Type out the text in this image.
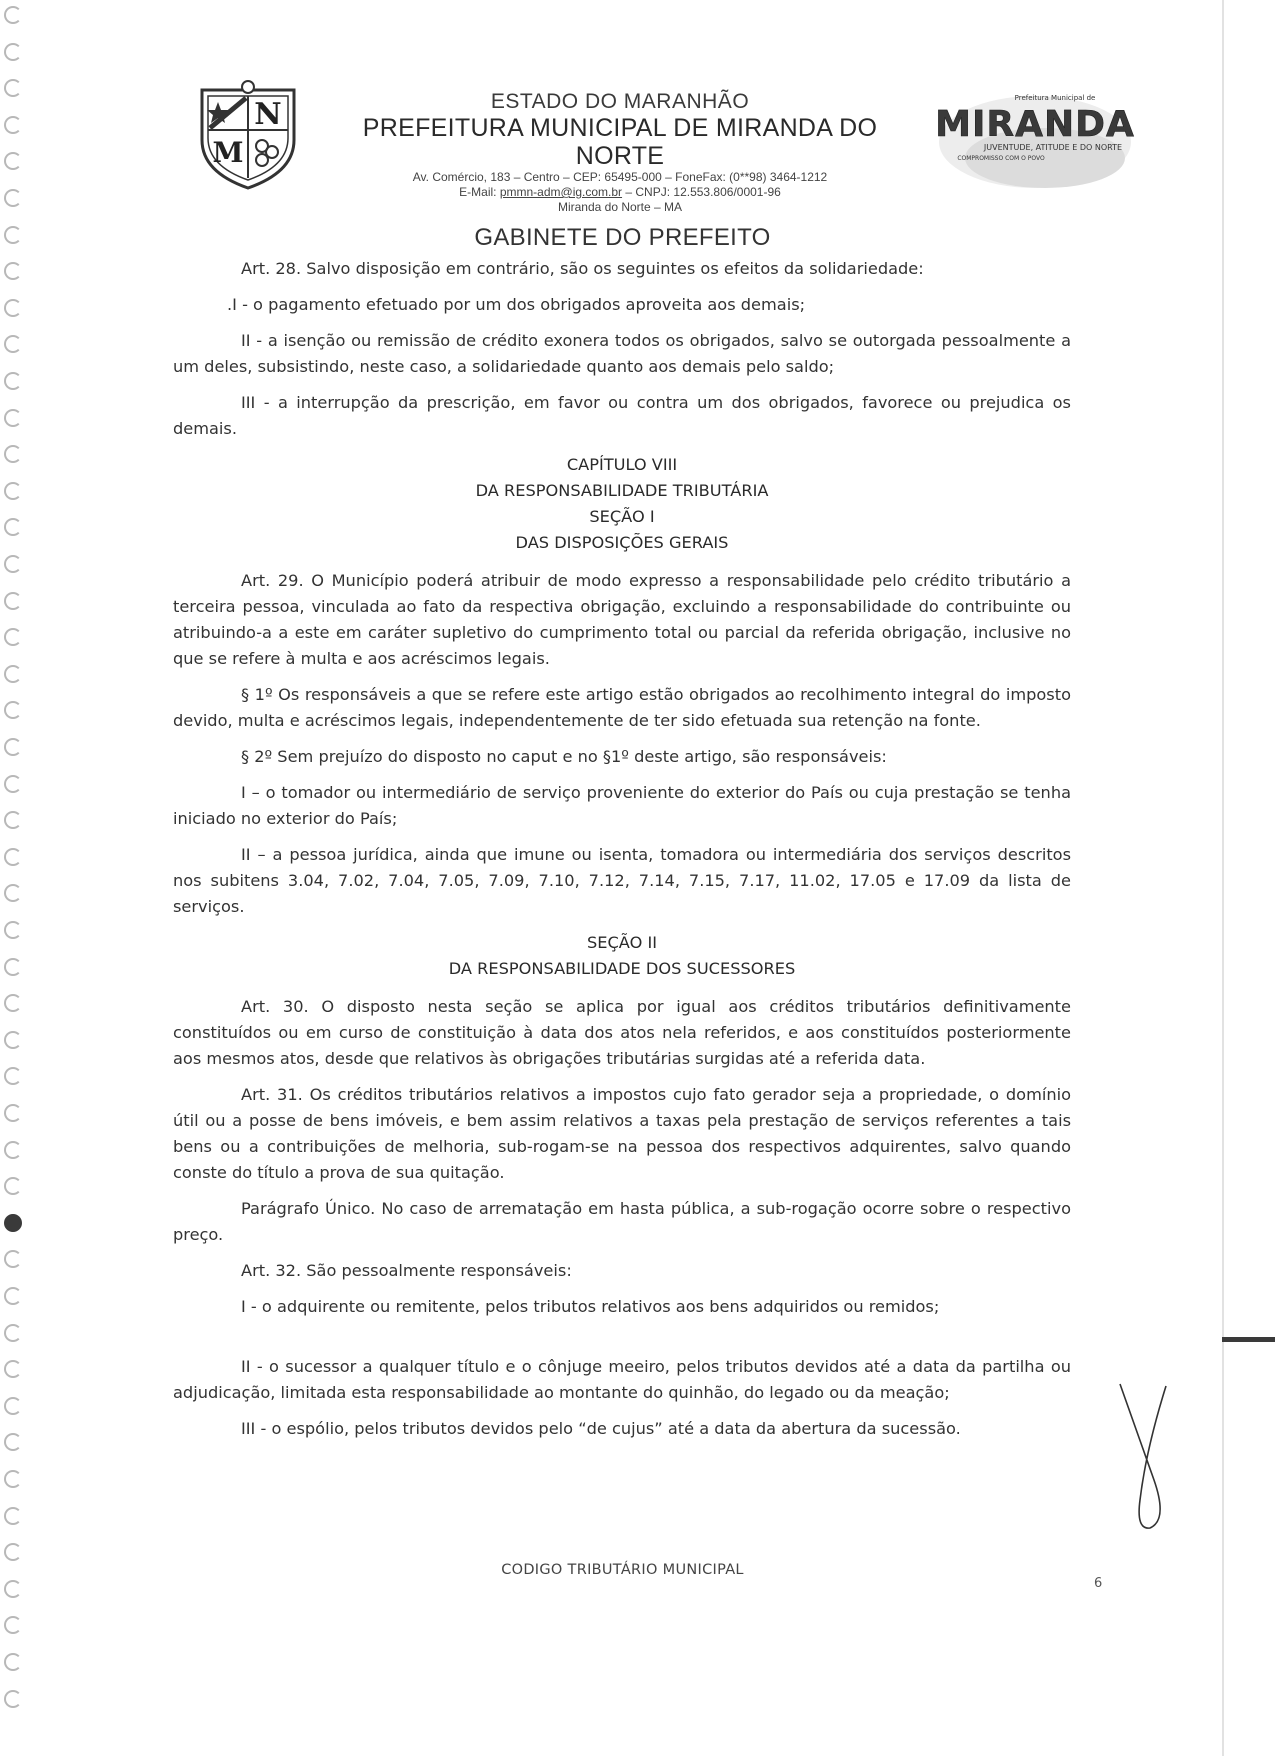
N
M
ESTADO DO MARANHÃO
PREFEITURA MUNICIPAL DE MIRANDA DO NORTE
Av. Comércio, 183 – Centro – CEP: 65495-000 – FoneFax: (0**98) 3464-1212
E-Mail: pmmn-adm@ig.com.br – CNPJ: 12.553.806/0001-96
Miranda do Norte – MA
Prefeitura Municipal de
MIRANDA
JUVENTUDE, ATITUDE E DO NORTE
COMPROMISSO COM O POVO
GABINETE DO PREFEITO

Art. 28. Salvo disposição em contrário, são os seguintes os efeitos da solidariedade:

.I - o pagamento efetuado por um dos obrigados aproveita aos demais;

II - a isenção ou remissão de crédito exonera todos os obrigados, salvo se outorgada pessoalmente a um deles, subsistindo, neste caso, a solidariedade quanto aos demais pelo saldo;

III - a interrupção da prescrição, em favor ou contra um dos obrigados, favorece ou prejudica os demais.

CAPÍTULO VIII
DA RESPONSABILIDADE TRIBUTÁRIA
SEÇÃO I
DAS DISPOSIÇÕES GERAIS

Art. 29. O Município poderá atribuir de modo expresso a responsabilidade pelo crédito tributário a terceira pessoa, vinculada ao fato da respectiva obrigação, excluindo a responsabilidade do contribuinte ou atribuindo-a a este em caráter supletivo do cumprimento total ou parcial da referida obrigação, inclusive no que se refere à multa e aos acréscimos legais.

§ 1º Os responsáveis a que se refere este artigo estão obrigados ao recolhimento integral do imposto devido, multa e acréscimos legais, independentemente de ter sido efetuada sua retenção na fonte.

§ 2º Sem prejuízo do disposto no caput e no §1º deste artigo, são responsáveis:

I – o tomador ou intermediário de serviço proveniente do exterior do País ou cuja prestação se tenha iniciado no exterior do País;

II – a pessoa jurídica, ainda que imune ou isenta, tomadora ou intermediária dos serviços descritos nos subitens 3.04, 7.02, 7.04, 7.05, 7.09, 7.10, 7.12, 7.14, 7.15, 7.17, 11.02, 17.05 e 17.09 da lista de serviços.

SEÇÃO II
DA RESPONSABILIDADE DOS SUCESSORES

Art. 30. O disposto nesta seção se aplica por igual aos créditos tributários definitivamente constituídos ou em curso de constituição à data dos atos nela referidos, e aos constituídos posteriormente aos mesmos atos, desde que relativos às obrigações tributárias surgidas até a referida data.

Art. 31. Os créditos tributários relativos a impostos cujo fato gerador seja a propriedade, o domínio útil ou a posse de bens imóveis, e bem assim relativos a taxas pela prestação de serviços referentes a tais bens ou a contribuições de melhoria, sub-rogam-se na pessoa dos respectivos adquirentes, salvo quando conste do título a prova de sua quitação.

Parágrafo Único. No caso de arrematação em hasta pública, a sub-rogação ocorre sobre o respectivo preço.

Art. 32. São pessoalmente responsáveis:

I - o adquirente ou remitente, pelos tributos relativos aos bens adquiridos ou remidos;

II - o sucessor a qualquer título e o cônjuge meeiro, pelos tributos devidos até a data da partilha ou adjudicação, limitada esta responsabilidade ao montante do quinhão, do legado ou da meação;

III - o espólio, pelos tributos devidos pelo “de cujus” até a data da abertura da sucessão.

CODIGO TRIBUTÁRIO MUNICIPAL
6
